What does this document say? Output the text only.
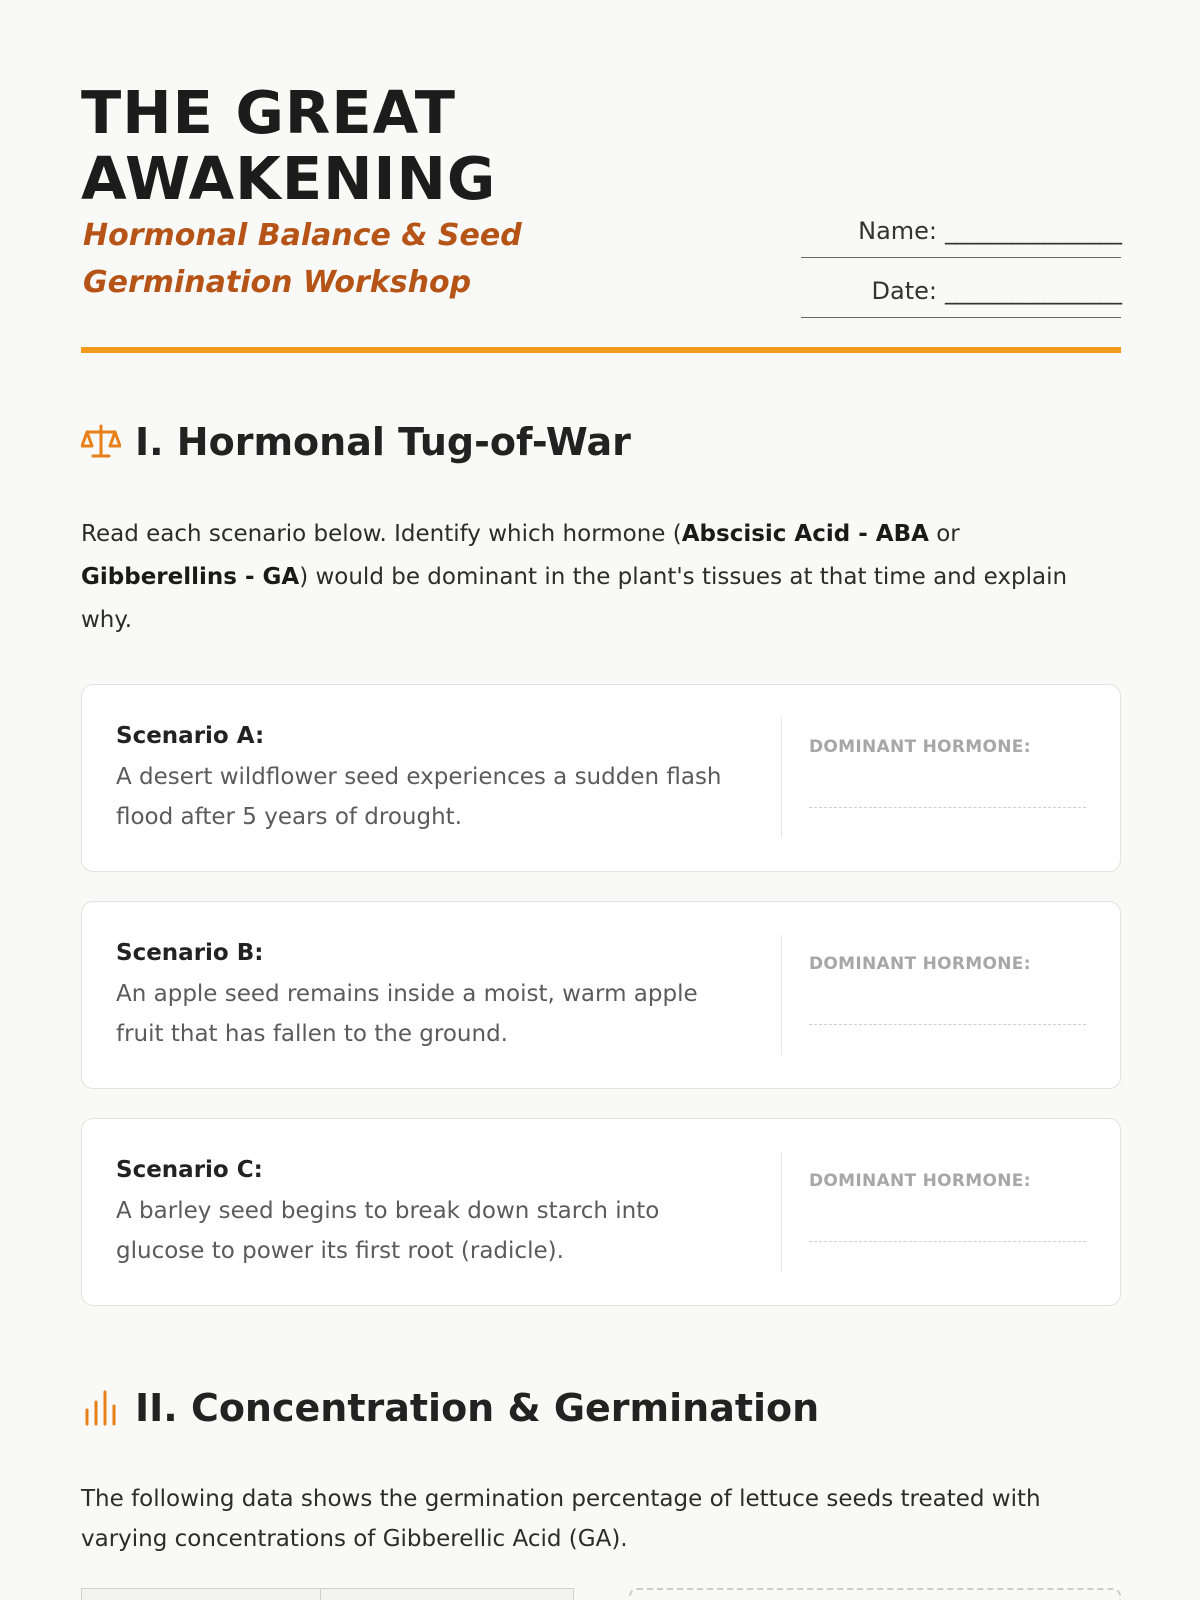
THE GREAT AWAKENING
Hormonal Balance & Seed Germination Workshop
Name: ________________
Date: ________________
I. Hormonal Tug-of-War

Read each scenario below. Identify which hormone (Abscisic Acid - ABA or Gibberellins - GA) would be dominant in the plant's tissues at that time and explain why.

Scenario A:
A desert wildflower seed experiences a sudden flash flood after 5 years of drought.
DOMINANT HORMONE:
Scenario B:
An apple seed remains inside a moist, warm apple fruit that has fallen to the ground.
DOMINANT HORMONE:
Scenario C:
A barley seed begins to break down starch into glucose to power its first root (radicle).
DOMINANT HORMONE:
II. Concentration & Germination

The following data shows the germination percentage of lettuce seeds treated with varying concentrations of Gibberellic Acid (GA).
